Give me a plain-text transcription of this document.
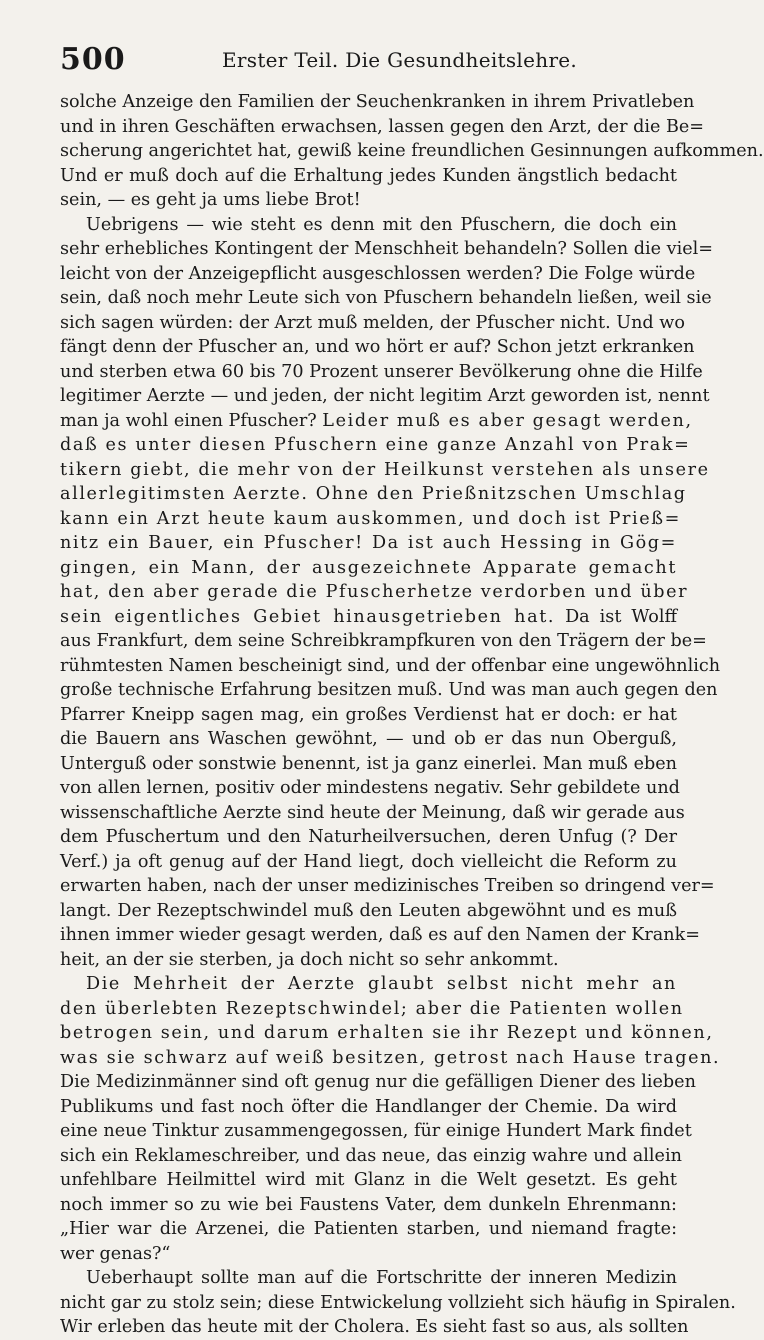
500	Erster Teil. Die Gesundheitslehre.
solche Anzeige den Familien der Seuchenkranken in ihrem Privatleben
und in ihren Geschäften erwachsen, lassen gegen den Arzt, der die Be=
scherung angerichtet hat, gewiß keine freundlichen Gesinnungen aufkommen.
Und er muß doch auf die Erhaltung jedes Kunden ängstlich bedacht
sein, — es geht ja ums liebe Brot!
Uebrigens — wie steht es denn mit den Pfuschern, die doch ein
sehr erhebliches Kontingent der Menschheit behandeln? Sollen die viel=
leicht von der Anzeigepflicht ausgeschlossen werden? Die Folge würde
sein, daß noch mehr Leute sich von Pfuschern behandeln ließen, weil sie
sich sagen würden: der Arzt muß melden, der Pfuscher nicht. Und wo
fängt denn der Pfuscher an, und wo hört er auf? Schon jetzt erkranken
und sterben etwa 60 bis 70 Prozent unserer Bevölkerung ohne die Hilfe
legitimer Aerzte — und jeden, der nicht legitim Arzt geworden ist, nennt
man ja wohl einen Pfuscher? Leider muß es aber gesagt werden,
daß es unter diesen Pfuschern eine ganze Anzahl von Prak=
tikern giebt, die mehr von der Heilkunst verstehen als unsere
allerlegitimsten Aerzte. Ohne den Prießnitzschen Umschlag
kann ein Arzt heute kaum auskommen, und doch ist Prieß=
nitz ein Bauer, ein Pfuscher! Da ist auch Hessing in Gög=
gingen, ein Mann, der ausgezeichnete Apparate gemacht
hat, den aber gerade die Pfuscherhetze verdorben und über
sein eigentliches Gebiet hinausgetrieben hat. Da ist Wolff
aus Frankfurt, dem seine Schreibkrampfkuren von den Trägern der be=
rühmtesten Namen bescheinigt sind, und der offenbar eine ungewöhnlich
große technische Erfahrung besitzen muß. Und was man auch gegen den
Pfarrer Kneipp sagen mag, ein großes Verdienst hat er doch: er hat
die Bauern ans Waschen gewöhnt, — und ob er das nun Oberguß,
Unterguß oder sonstwie benennt, ist ja ganz einerlei. Man muß eben
von allen lernen, positiv oder mindestens negativ. Sehr gebildete und
wissenschaftliche Aerzte sind heute der Meinung, daß wir gerade aus
dem Pfuschertum und den Naturheilversuchen, deren Unfug (? Der
Verf.) ja oft genug auf der Hand liegt, doch vielleicht die Reform zu
erwarten haben, nach der unser medizinisches Treiben so dringend ver=
langt. Der Rezeptschwindel muß den Leuten abgewöhnt und es muß
ihnen immer wieder gesagt werden, daß es auf den Namen der Krank=
heit, an der sie sterben, ja doch nicht so sehr ankommt.
Die Mehrheit der Aerzte glaubt selbst nicht mehr an
den überlebten Rezeptschwindel; aber die Patienten wollen
betrogen sein, und darum erhalten sie ihr Rezept und können,
was sie schwarz auf weiß besitzen, getrost nach Hause tragen.
Die Medizinmänner sind oft genug nur die gefälligen Diener des lieben
Publikums und fast noch öfter die Handlanger der Chemie. Da wird
eine neue Tinktur zusammengegossen, für einige Hundert Mark findet
sich ein Reklameschreiber, und das neue, das einzig wahre und allein
unfehlbare Heilmittel wird mit Glanz in die Welt gesetzt. Es geht
noch immer so zu wie bei Faustens Vater, dem dunkeln Ehrenmann:
„Hier war die Arzenei, die Patienten starben, und niemand fragte:
wer genas?“
Ueberhaupt sollte man auf die Fortschritte der inneren Medizin
nicht gar zu stolz sein; diese Entwickelung vollzieht sich häufig in Spiralen.
Wir erleben das heute mit der Cholera. Es sieht fast so aus, als sollten
